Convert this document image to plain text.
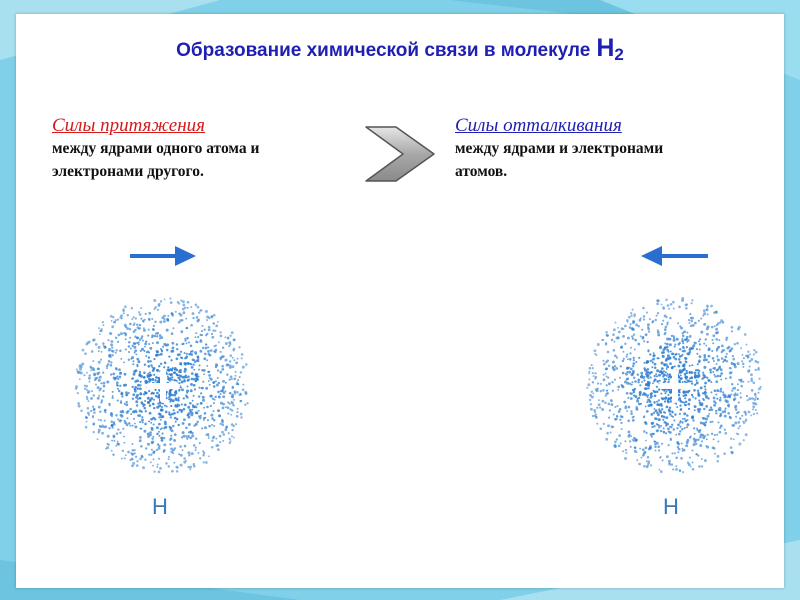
Образование химической связи в молекуле $H_2$
Силы притяжения
между ядрами одного атома и
электронами другого.
Силы отталкивания
между ядрами и электронами
атомов.
H	H
